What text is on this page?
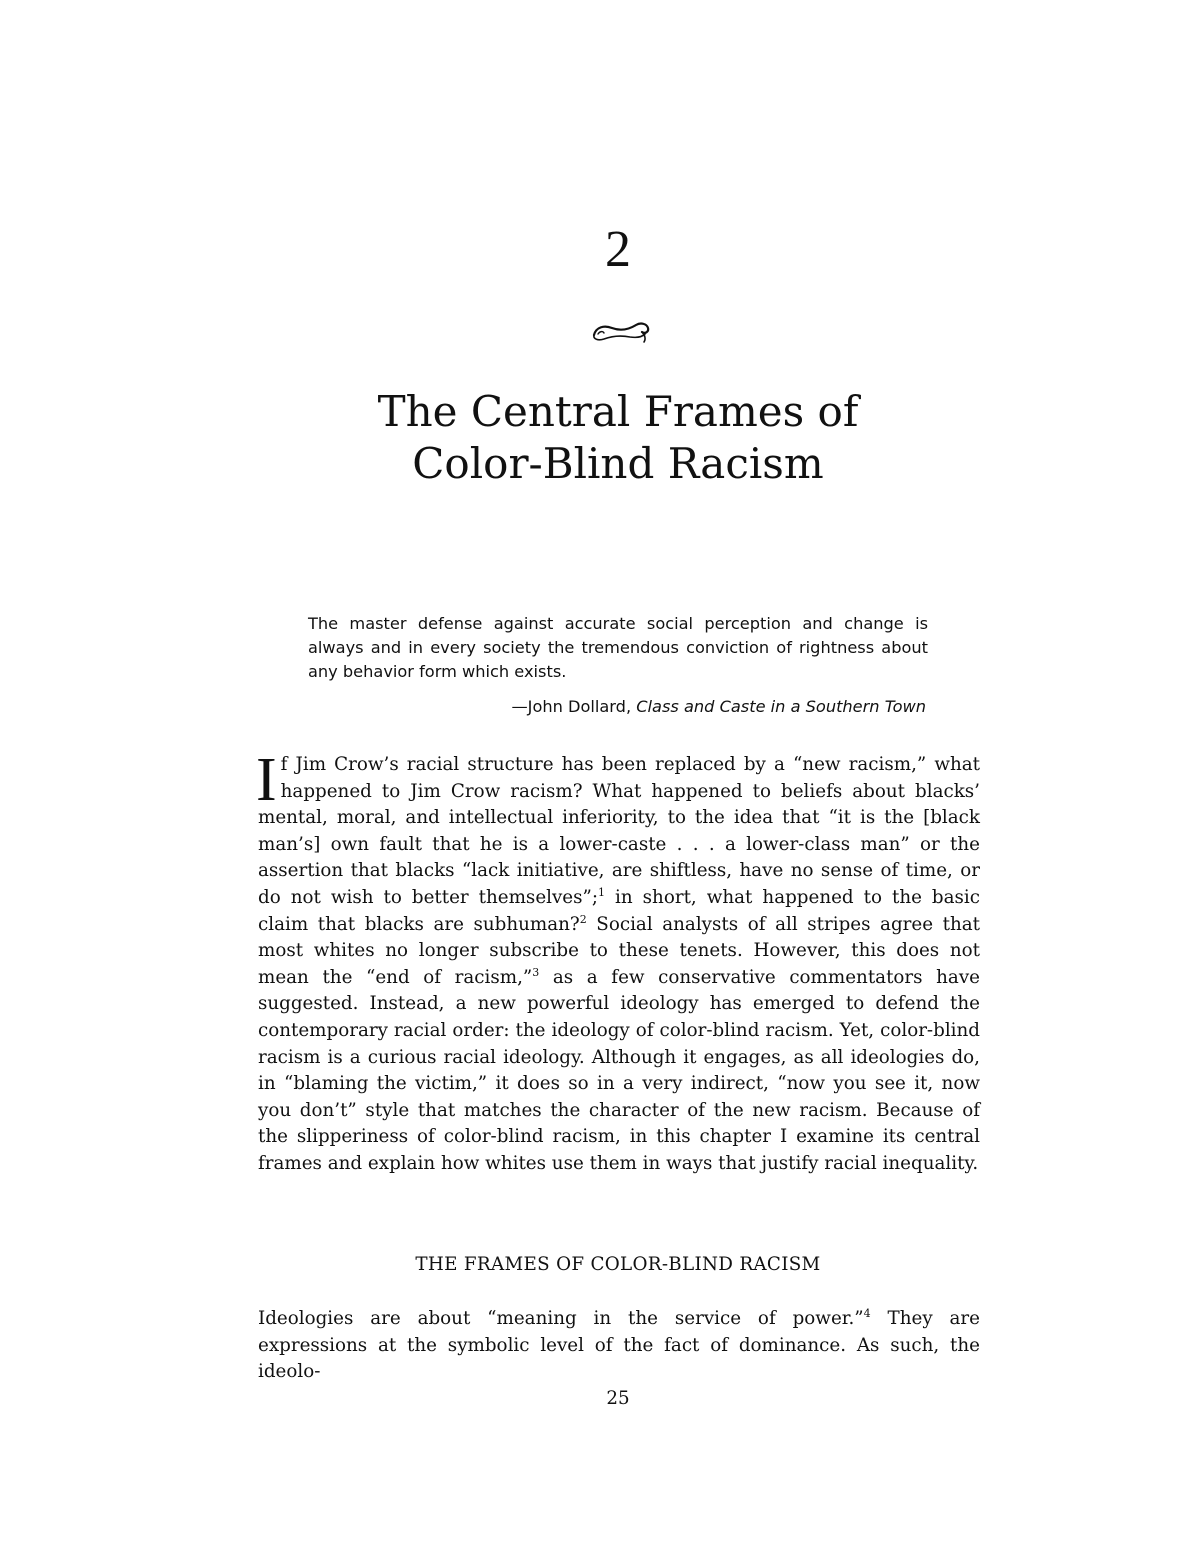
2
The Central Frames of
Color-Blind Racism
The master defense against accurate social perception and change is always and in every society the tremendous conviction of rightness about any behavior form which exists.
—John Dollard, Class and Caste in a Southern Town

If Jim Crow’s racial structure has been replaced by a “new racism,” what happened to Jim Crow racism? What happened to beliefs about blacks’ mental, moral, and intellectual inferiority, to the idea that “it is the [black man’s] own fault that he is a lower-caste . . . a lower-class man” or the assertion that blacks “lack initiative, are shiftless, have no sense of time, or do not wish to better themselves”;$^1$ in short, what happened to the basic claim that blacks are subhuman?$^2$ Social analysts of all stripes agree that most whites no longer subscribe to these tenets. However, this does not mean the “end of racism,”$^3$ as a few conservative commentators have suggested. Instead, a new powerful ideology has emerged to defend the contemporary racial order: the ideology of color-blind racism. Yet, color-blind racism is a curious racial ideology. Although it engages, as all ideologies do, in “blaming the victim,” it does so in a very indirect, “now you see it, now you don’t” style that matches the character of the new racism. Because of the slipperiness of color-blind racism, in this chapter I examine its central frames and explain how whites use them in ways that justify racial inequality.

THE FRAMES OF COLOR-BLIND RACISM

Ideologies are about “meaning in the service of power.”$^4$ They are expressions at the symbolic level of the fact of dominance. As such, the ideolo-

25
